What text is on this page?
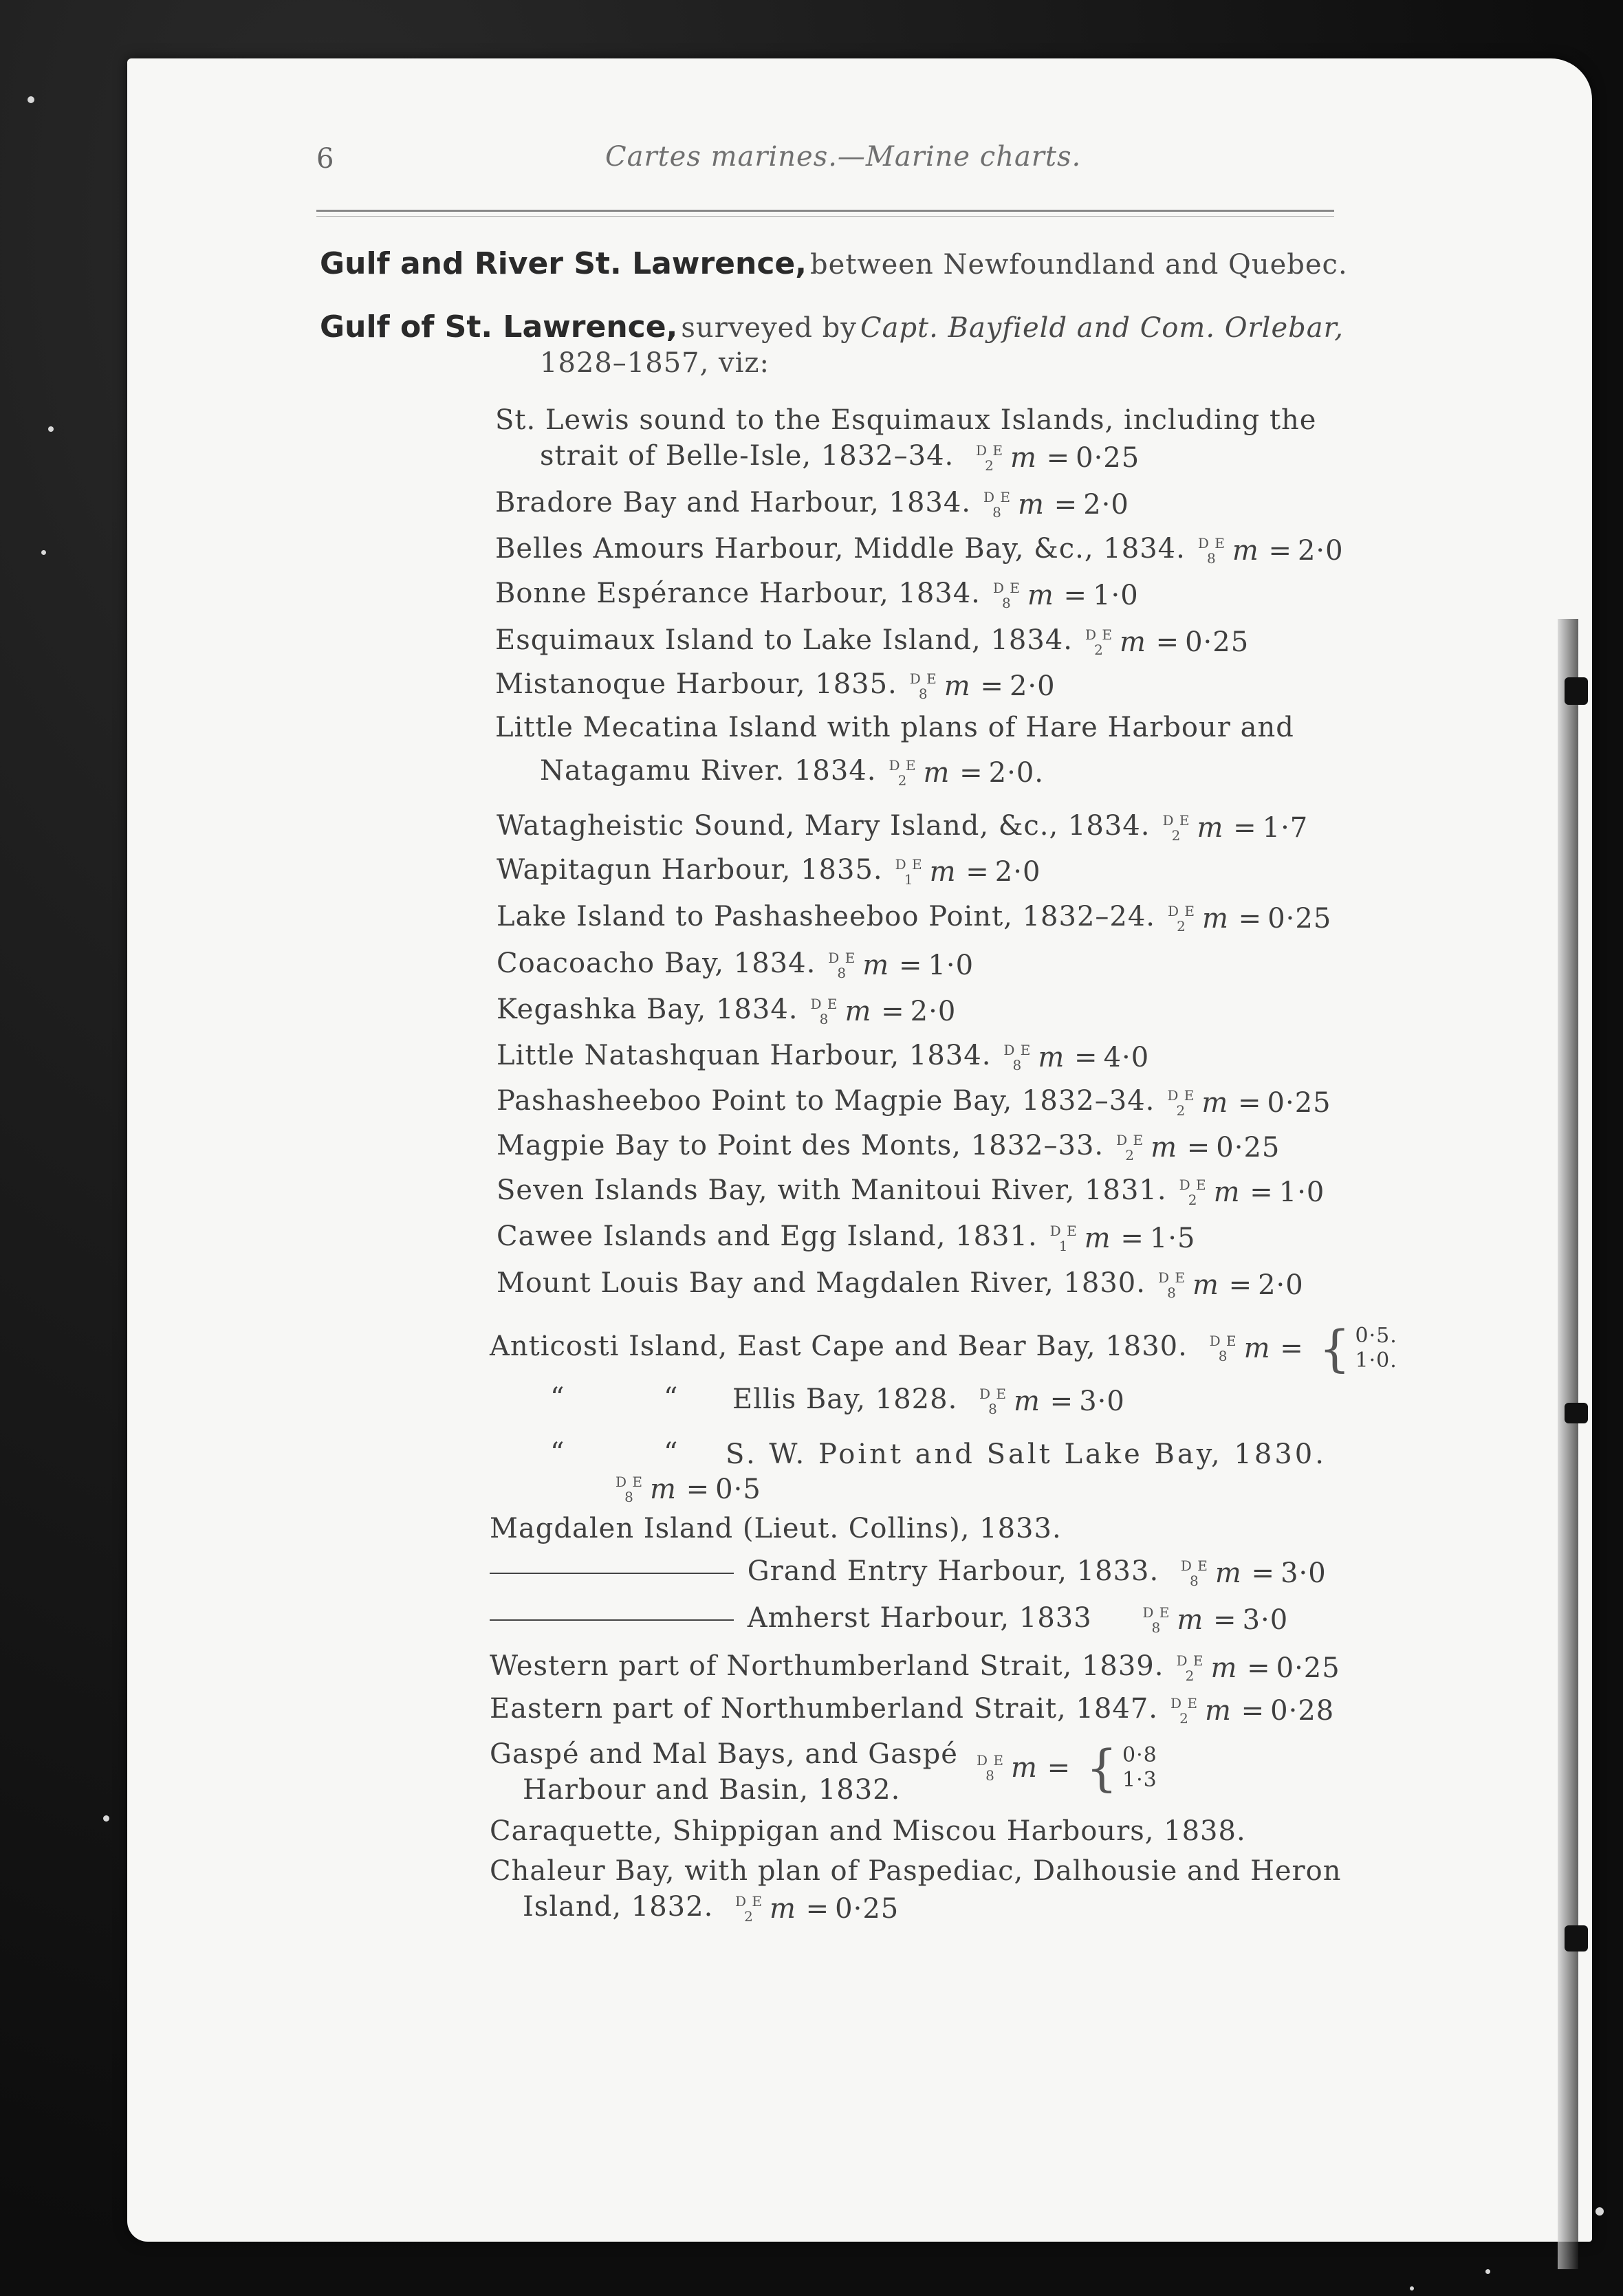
6	Cartes marines.—Marine charts.
Gulf and River St. Lawrence, between Newfoundland and Quebec.
Gulf of St. Lawrence, surveyed by Capt. Bayfield and Com. Orlebar,
1828–1857, viz:
St. Lewis sound to the Esquimaux Islands, including the
strait of Belle-Isle, 1832–34. D E
2 m = 0·25
Bradore Bay and Harbour, 1834. D E
8 m = 2·0
Belles Amours Harbour, Middle Bay, &c., 1834. D E
8 m = 2·0
Bonne Espérance Harbour, 1834. D E
8 m = 1·0
Esquimaux Island to Lake Island, 1834. D E
2 m = 0·25
Mistanoque Harbour, 1835. D E
8 m = 2·0
Little Mecatina Island with plans of Hare Harbour and
Natagamu River. 1834. D E
2 m = 2·0.
Watagheistic Sound, Mary Island, &c., 1834. D E
2 m = 1·7
Wapitagun Harbour, 1835. D E
1 m = 2·0
Lake Island to Pashasheeboo Point, 1832–24. D E
2 m = 0·25
Coacoacho Bay, 1834. D E
8 m = 1·0
Kegashka Bay, 1834. D E
8 m = 2·0
Little Natashquan Harbour, 1834. D E
8 m = 4·0
Pashasheeboo Point to Magpie Bay, 1832–34. D E
2 m = 0·25
Magpie Bay to Point des Monts, 1832–33. D E
2 m = 0·25
Seven Islands Bay, with Manitoui River, 1831. D E
2 m = 1·0
Cawee Islands and Egg Island, 1831. D E
1 m = 1·5
Mount Louis Bay and Magdalen River, 1830. D E
8 m = 2·0
Anticosti Island, East Cape and Bear Bay, 1830. D E
8 m = { 0·5.
1·0.
“	“ Ellis Bay, 1828. D E
8 m = 3·0
“	“ S. W. Point and Salt Lake Bay, 1830.
D E
8 m = 0·5
Magdalen Island (Lieut. Collins), 1833.
Grand Entry Harbour, 1833. D E
8 m = 3·0
Amherst Harbour, 1833	D E
8 m = 3·0
Western part of Northumberland Strait, 1839. D E
2 m = 0·25
Eastern part of Northumberland Strait, 1847. D E
2 m = 0·28
Gaspé and Mal Bays, and Gaspé
Harbour and Basin, 1832.
D E
8 m = { 0·8
1·3
Caraquette, Shippigan and Miscou Harbours, 1838.
Chaleur Bay, with plan of Paspediac, Dalhousie and Heron
Island, 1832. D E
2 m = 0·25
